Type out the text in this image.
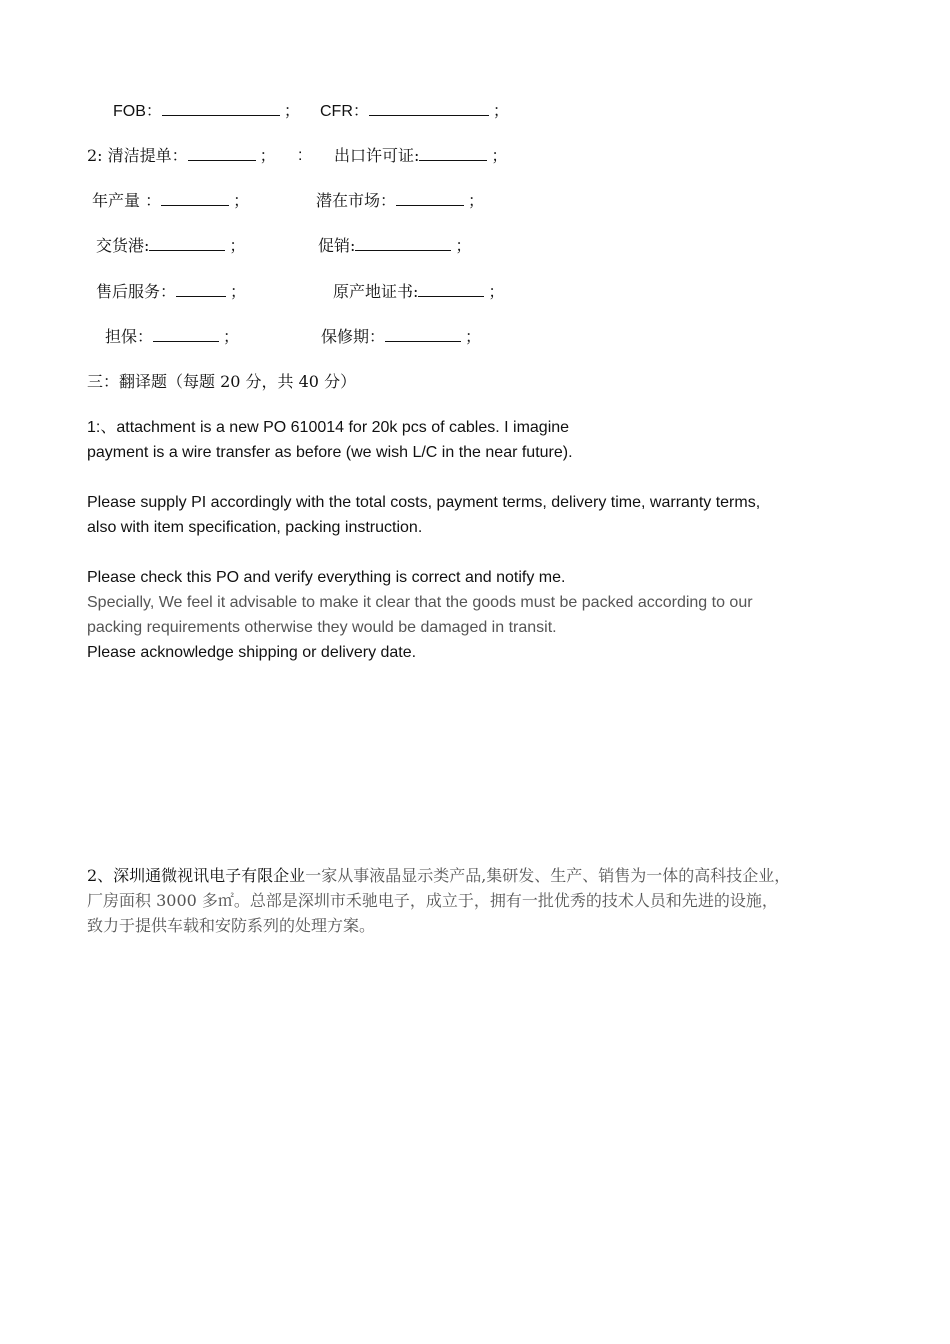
FOB：	； CFR：	；
2: 清洁提单：	； : 出口许可证:	；
年产量 ：	；	潜在市场：	；
交货港:	；	促销:	；
售后服务：	；	原产地证书:	；
担保：	；	保修期：	；
三：翻译题（每题 20 分，共 40 分）
1:、attachment is a new PO 610014 for 20k pcs of cables. I imagine
payment is a wire transfer as before (we wish L/C in the near future).
Please supply PI accordingly with the total costs, payment terms, delivery time, warranty terms,
also with item specification, packing instruction.
Please check this PO and verify everything is correct and notify me.
Specially, We feel it advisable to make it clear that the goods must be packed according to our
packing requirements otherwise they would be damaged in transit.
Please acknowledge shipping or delivery date.
2、深圳通微视讯电子有限企业一家从事液晶显示类产品,集研发、生产、销售为一体的高科技企业，
厂房面积 3000 多㎡。总部是深圳市禾驰电子，成立于，拥有一批优秀的技术人员和先进的设施，
致力于提供车载和安防系列的处理方案。
